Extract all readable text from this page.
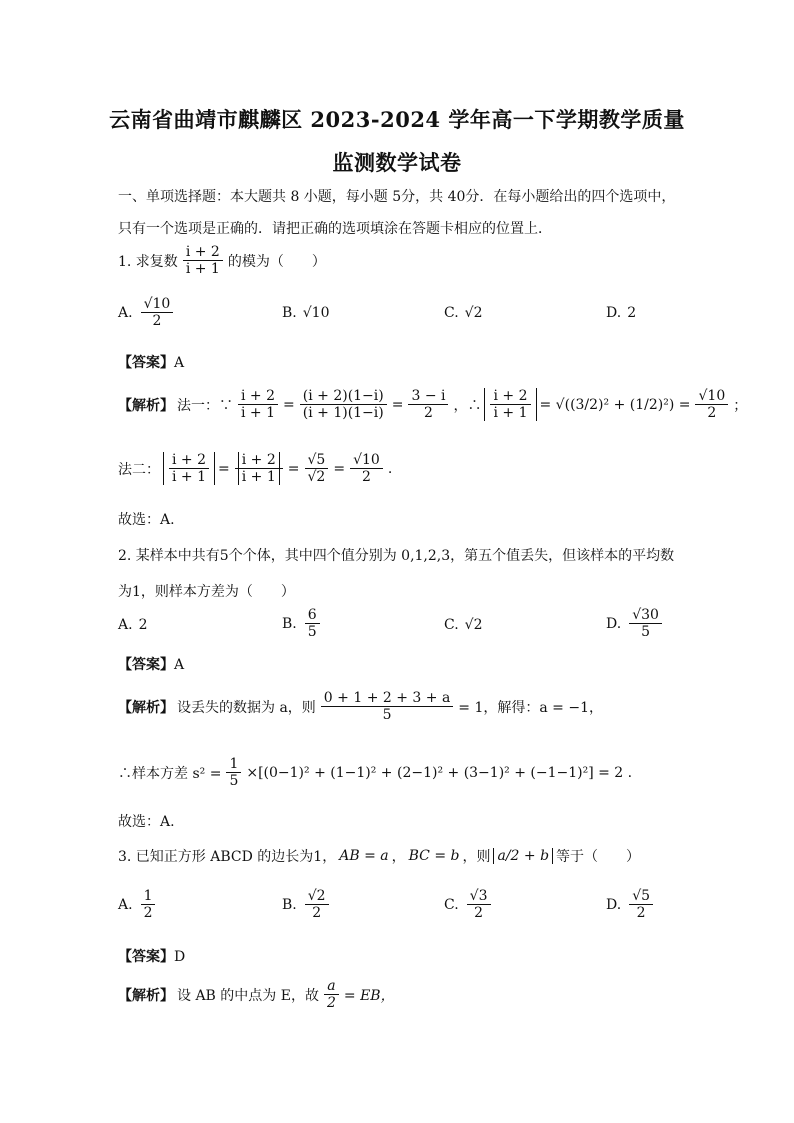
云南省曲靖市麒麟区 2023-2024 学年高一下学期教学质量
监测数学试卷
一、单项选择题：本大题共 8 小题，每小题 5分，共 40分．在每小题给出的四个选项中，
只有一个选项是正确的．请把正确的选项填涂在答题卡相应的位置上．
1. 求复数 $\frac{i + 2}{i + 1}$ 的模为（　　）
A. $\frac{√10}{2}$	B. √10	C. √2	D. 2
【答案】A
【解析】 法一：∵ $\frac{i + 2}{i + 1} = \frac{(i + 2)(1-i)}{(i + 1)(1-i)} = \frac{3 - i}{2}$ ，∴ $\frac{i + 2}{i + 1} = √((3/2)^2 + (1/2)^2) = \frac{√10}{2}$ ；
法二： $\frac{i + 2}{i + 1} = \frac{i + 2}{i + 1} = \frac{√5}{√2} = \frac{√10}{2}$ .
故选：A.
2. 某样本中共有5个个体，其中四个值分别为 0,1,2,3，第五个值丢失，但该样本的平均数
为1，则样本方差为（　　）
A. 2	B. $\frac{6}{5}$	C. √2	D. $\frac{√30}{5}$
【答案】A
【解析】 设丢失的数据为 a，则 $\frac{0 + 1 + 2 + 3 + a}{5} = 1$，解得：a = −1，
∴样本方差 $s^2 = \frac{1}{5} \times[(0-1)^2 + (1-1)^2 + (2-1)^2 + (3-1)^2 + (-1-1)^2] = 2$ .
故选：A.
3. 已知正方形 ABCD 的边长为1， AB = a ， BC = b ，则 a/2 + b 等于（　　）
A. $\frac{1}{2}$	B. $\frac{√2}{2}$	C. $\frac{√3}{2}$	D. $\frac{√5}{2}$
【答案】D
【解析】 设 AB 的中点为 E，故 $\frac{a}{2}$ = EB，
